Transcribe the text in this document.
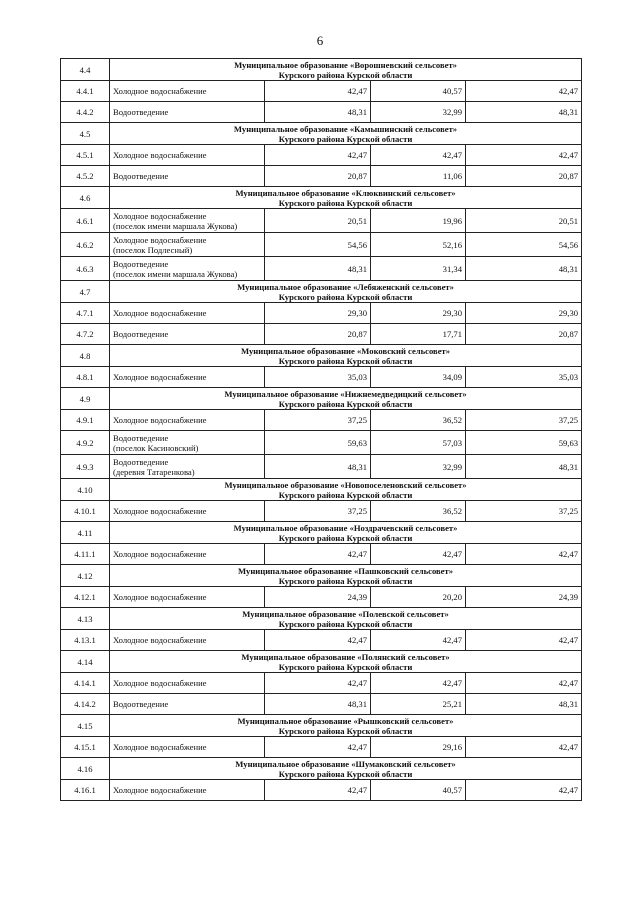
6
4.4	Муниципальное образование «Ворошневский сельсовет»
Курского района Курской области			

4.4.1	Холодное водоснабжение	42,47	40,57	42,47
4.4.2	Водоотведение	48,31	32,99	48,31
4.5	Муниципальное образование «Камышинский сельсовет»
Курского района Курской области			

4.5.1	Холодное водоснабжение	42,47	42,47	42,47
4.5.2	Водоотведение	20,87	11,06	20,87
4.6	Муниципальное образование «Клюквинский сельсовет»
Курского района Курской области			

4.6.1	Холодное водоснабжение
(поселок имени маршала Жукова)	20,51	19,96	20,51
4.6.2	Холодное водоснабжение
(поселок Подлесный)	54,56	52,16	54,56
4.6.3	Водоотведение
(поселок имени маршала Жукова)	48,31	31,34	48,31
4.7	Муниципальное образование «Лебяженский сельсовет»
Курского района Курской области			

4.7.1	Холодное водоснабжение	29,30	29,30	29,30
4.7.2	Водоотведение	20,87	17,71	20,87
4.8	Муниципальное образование «Моковский сельсовет»
Курского района Курской области			

4.8.1	Холодное водоснабжение	35,03	34,09	35,03
4.9	Муниципальное образование «Нижнемедведицкий сельсовет»
Курского района Курской области			

4.9.1	Холодное водоснабжение	37,25	36,52	37,25
4.9.2	Водоотведение
(поселок Касиновский)	59,63	57,03	59,63
4.9.3	Водоотведение
(деревня Татаренкова)	48,31	32,99	48,31
4.10	Муниципальное образование «Новопоселеновский сельсовет»
Курского района Курской области			

4.10.1	Холодное водоснабжение	37,25	36,52	37,25
4.11	Муниципальное образование «Ноздрачевский сельсовет»
Курского района Курской области			

4.11.1	Холодное водоснабжение	42,47	42,47	42,47
4.12	Муниципальное образование «Пашковский сельсовет»
Курского района Курской области			

4.12.1	Холодное водоснабжение	24,39	20,20	24,39
4.13	Муниципальное образование «Полевской сельсовет»
Курского района Курской области			

4.13.1	Холодное водоснабжение	42,47	42,47	42,47
4.14	Муниципальное образование «Полянский сельсовет»
Курского района Курской области			

4.14.1	Холодное водоснабжение	42,47	42,47	42,47
4.14.2	Водоотведение	48,31	25,21	48,31
4.15	Муниципальное образование «Рышковский сельсовет»
Курского района Курской области			

4.15.1	Холодное водоснабжение	42,47	29,16	42,47
4.16	Муниципальное образование «Шумаковский сельсовет»
Курского района Курской области			

4.16.1	Холодное водоснабжение	42,47	40,57	42,47
